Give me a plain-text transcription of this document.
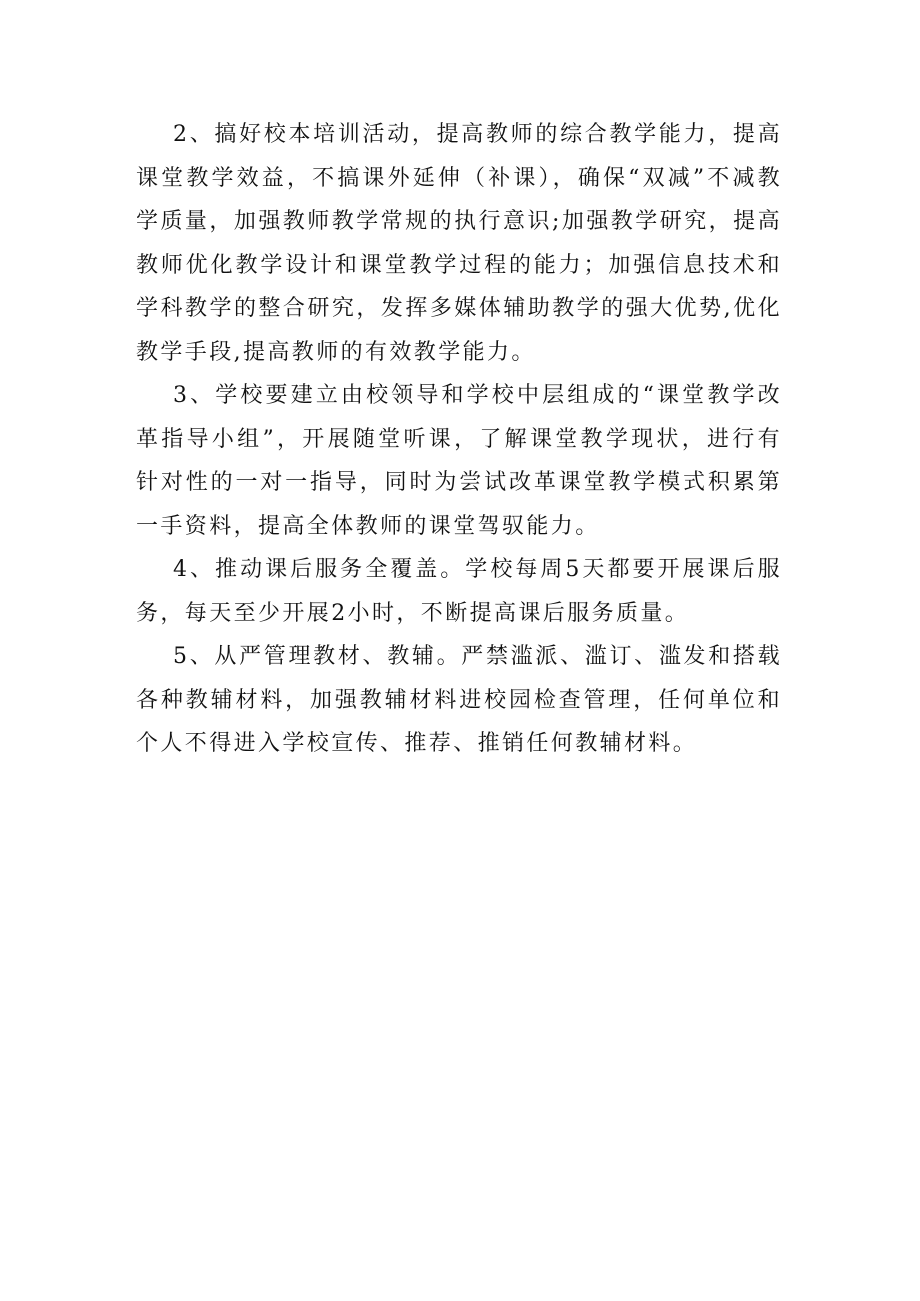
2、搞好校本培训活动，提高教师的综合教学能力，提高课堂教学效益，不搞课外延伸（补课），确保“双减”不减教学质量，加强教师教学常规的执行意识;加强教学研究，提高教师优化教学设计和课堂教学过程的能力；加强信息技术和学科教学的整合研究，发挥多媒体辅助教学的强大优势,优化教学手段,提高教师的有效教学能力。

3、学校要建立由校领导和学校中层组成的“课堂教学改革指导小组”，开展随堂听课，了解课堂教学现状，进行有针对性的一对一指导，同时为尝试改革课堂教学模式积累第一手资料，提高全体教师的课堂驾驭能力。

4、推动课后服务全覆盖。学校每周5天都要开展课后服务，每天至少开展2小时，不断提高课后服务质量。

5、从严管理教材、教辅。严禁滥派、滥订、滥发和搭载各种教辅材料，加强教辅材料进校园检查管理，任何单位和个人不得进入学校宣传、推荐、推销任何教辅材料。
